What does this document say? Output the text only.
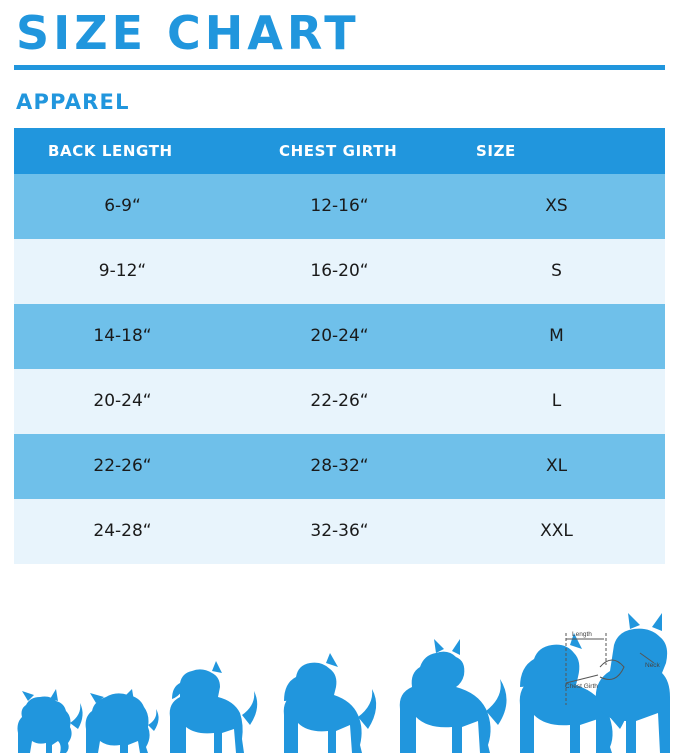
SIZE CHART
APPAREL
BACK LENGTH	CHEST GIRTH	SIZE
6-9“	12-16“	XS
9-12“	16-20“	S
14-18“	20-24“	M
20-24“	22-26“	L
22-26“	28-32“	XL
24-28“	32-36“	XXL
Length
Chest Girth
Neck
